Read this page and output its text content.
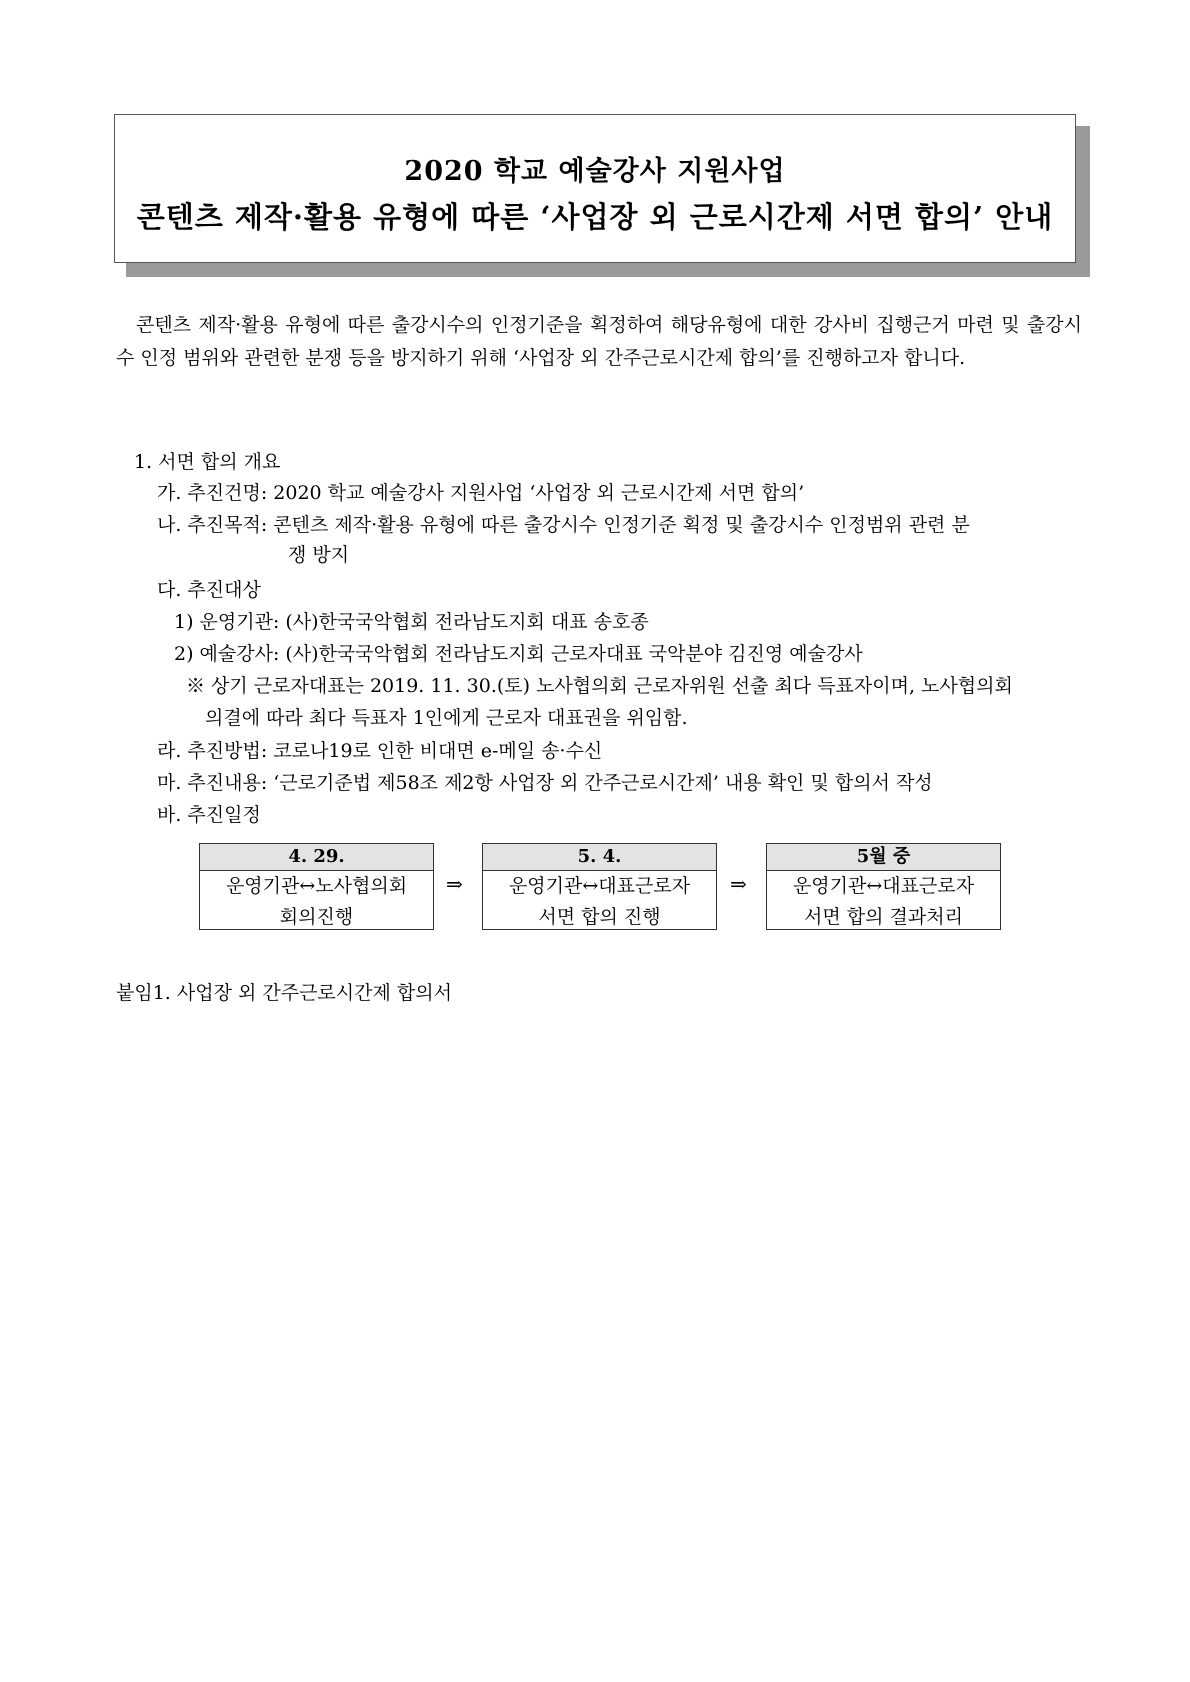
2020 학교 예술강사 지원사업
콘텐츠 제작·활용 유형에 따른 ‘사업장 외 근로시간제 서면 합의’ 안내
콘텐츠 제작·활용 유형에 따른 출강시수의 인정기준을 획정하여 해당유형에 대한 강사비 집행근거 마련 및 출강시수 인정 범위와 관련한 분쟁 등을 방지하기 위해 ‘사업장 외 간주근로시간제 합의’를 진행하고자 합니다.
1. 서면 합의 개요
가. 추진건명: 2020 학교 예술강사 지원사업 ‘사업장 외 근로시간제 서면 합의’
나. 추진목적: 콘텐츠 제작·활용 유형에 따른 출강시수 인정기준 획정 및 출강시수 인정범위 관련 분
쟁 방지
다. 추진대상
1) 운영기관: (사)한국국악협회 전라남도지회 대표 송호종
2) 예술강사: (사)한국국악협회 전라남도지회 근로자대표 국악분야 김진영 예술강사
※ 상기 근로자대표는 2019. 11. 30.(토) 노사협의회 근로자위원 선출 최다 득표자이며, 노사협의회
의결에 따라 최다 득표자 1인에게 근로자 대표권을 위임함.
라. 추진방법: 코로나19로 인한 비대면 e-메일 송·수신
마. 추진내용: ‘근로기준법 제58조 제2항 사업장 외 간주근로시간제’ 내용 확인 및 합의서 작성
바. 추진일정
4. 29.
운영기관↔노사협의회
회의진행
⇒
5. 4.
운영기관↔대표근로자
서면 합의 진행
⇒
5월 중
운영기관↔대표근로자
서면 합의 결과처리
붙임1. 사업장 외 간주근로시간제 합의서
